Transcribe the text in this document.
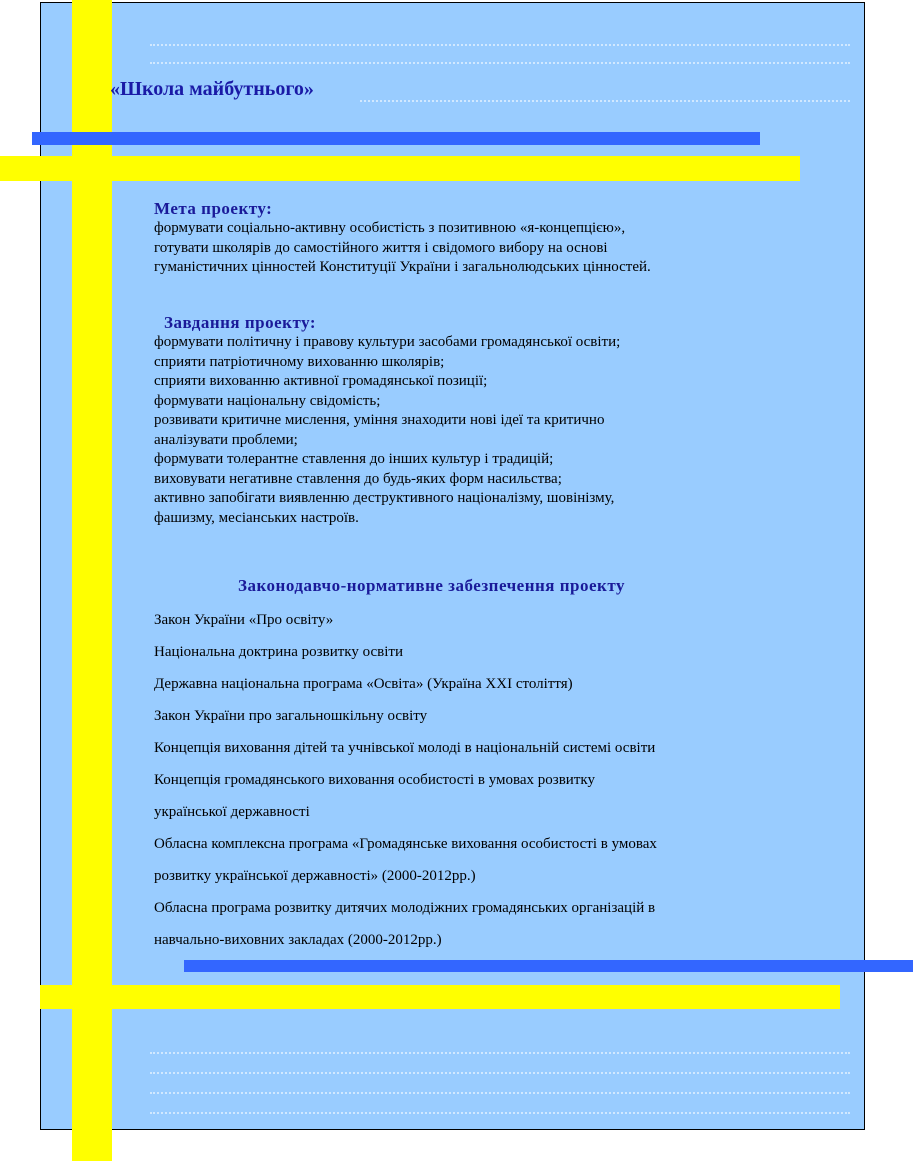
«Школа майбутнього»
Мета проекту:
формувати соціально-активну особистість з позитивною «я-концепцією»,
готувати школярів до самостійного життя і свідомого вибору на основі
гуманістичних цінностей Конституції України і загальнолюдських цінностей.
Завдання проекту:
формувати політичну і правову культури засобами громадянської освіти;
сприяти патріотичному вихованню школярів;
сприяти вихованню активної громадянської позиції;
формувати національну свідомість;
розвивати критичне мислення, уміння знаходити нові ідеї та критично
аналізувати проблеми;
формувати толерантне ставлення до інших культур і традицій;
виховувати негативне ставлення до будь-яких форм насильства;
активно запобігати виявленню деструктивного націоналізму, шовінізму,
фашизму, месіанських настроїв.
Законодавчо-нормативне забезпечення проекту
Закон України «Про освіту»
Національна доктрина розвитку освіти
Державна національна програма «Освіта» (Україна XXI століття)
Закон України про загальношкільну освіту
Концепція виховання дітей та учнівської молоді в національній системі освіти
Концепція громадянського виховання особистості в умовах розвитку
української державності
Обласна комплексна програма «Громадянське виховання особистості в умовах
розвитку української державності» (2000-2012рр.)
Обласна програма розвитку дитячих молодіжних громадянських організацій в
навчально-виховних закладах (2000-2012рр.)
